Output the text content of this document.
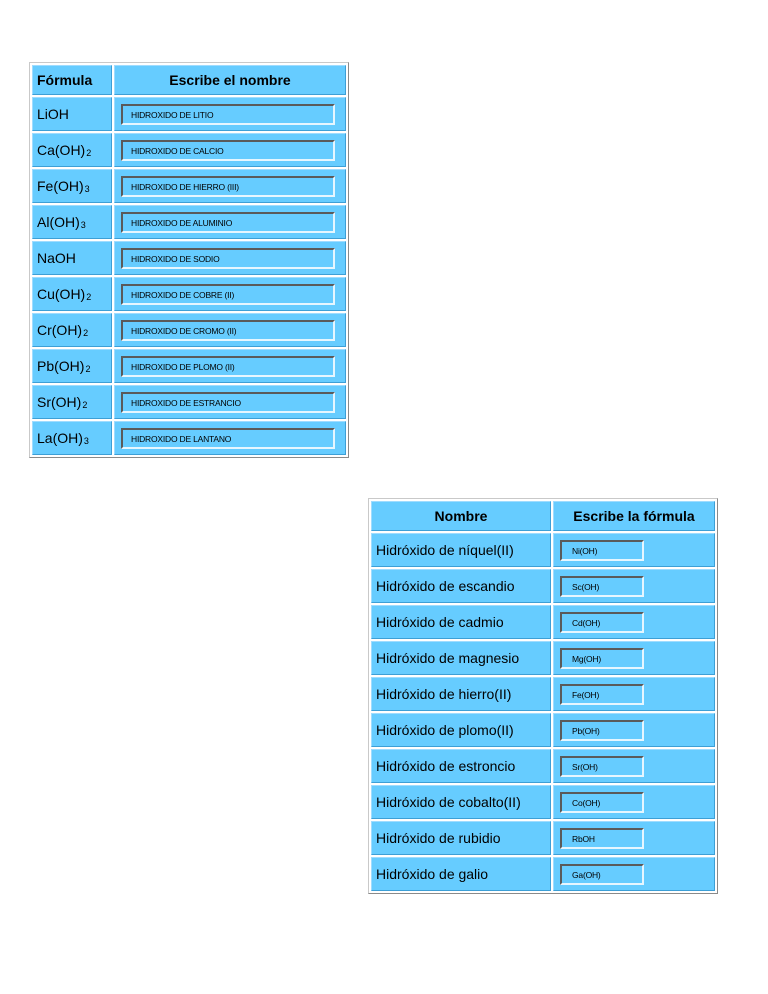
Fórmula	Escribe el nombre
LiOH	HIDROXIDO DE LITIO
Ca(OH)2	HIDROXIDO DE CALCIO
Fe(OH)3	HIDROXIDO DE HIERRO (III)
Al(OH)3	HIDROXIDO DE ALUMINIO
NaOH	HIDROXIDO DE SODIO
Cu(OH)2	HIDROXIDO DE COBRE (II)
Cr(OH)2	HIDROXIDO DE CROMO (II)
Pb(OH)2	HIDROXIDO DE PLOMO (II)
Sr(OH)2	HIDROXIDO DE ESTRANCIO
La(OH)3	HIDROXIDO DE LANTANO
Nombre	Escribe la fórmula
Hidróxido de níquel(II)	Ni(OH)
Hidróxido de escandio	Sc(OH)
Hidróxido de cadmio	Cd(OH)
Hidróxido de magnesio	Mg(OH)
Hidróxido de hierro(II)	Fe(OH)
Hidróxido de plomo(II)	Pb(OH)
Hidróxido de estroncio	Sr(OH)
Hidróxido de cobalto(II)	Co(OH)
Hidróxido de rubidio	RbOH
Hidróxido de galio	Ga(OH)
